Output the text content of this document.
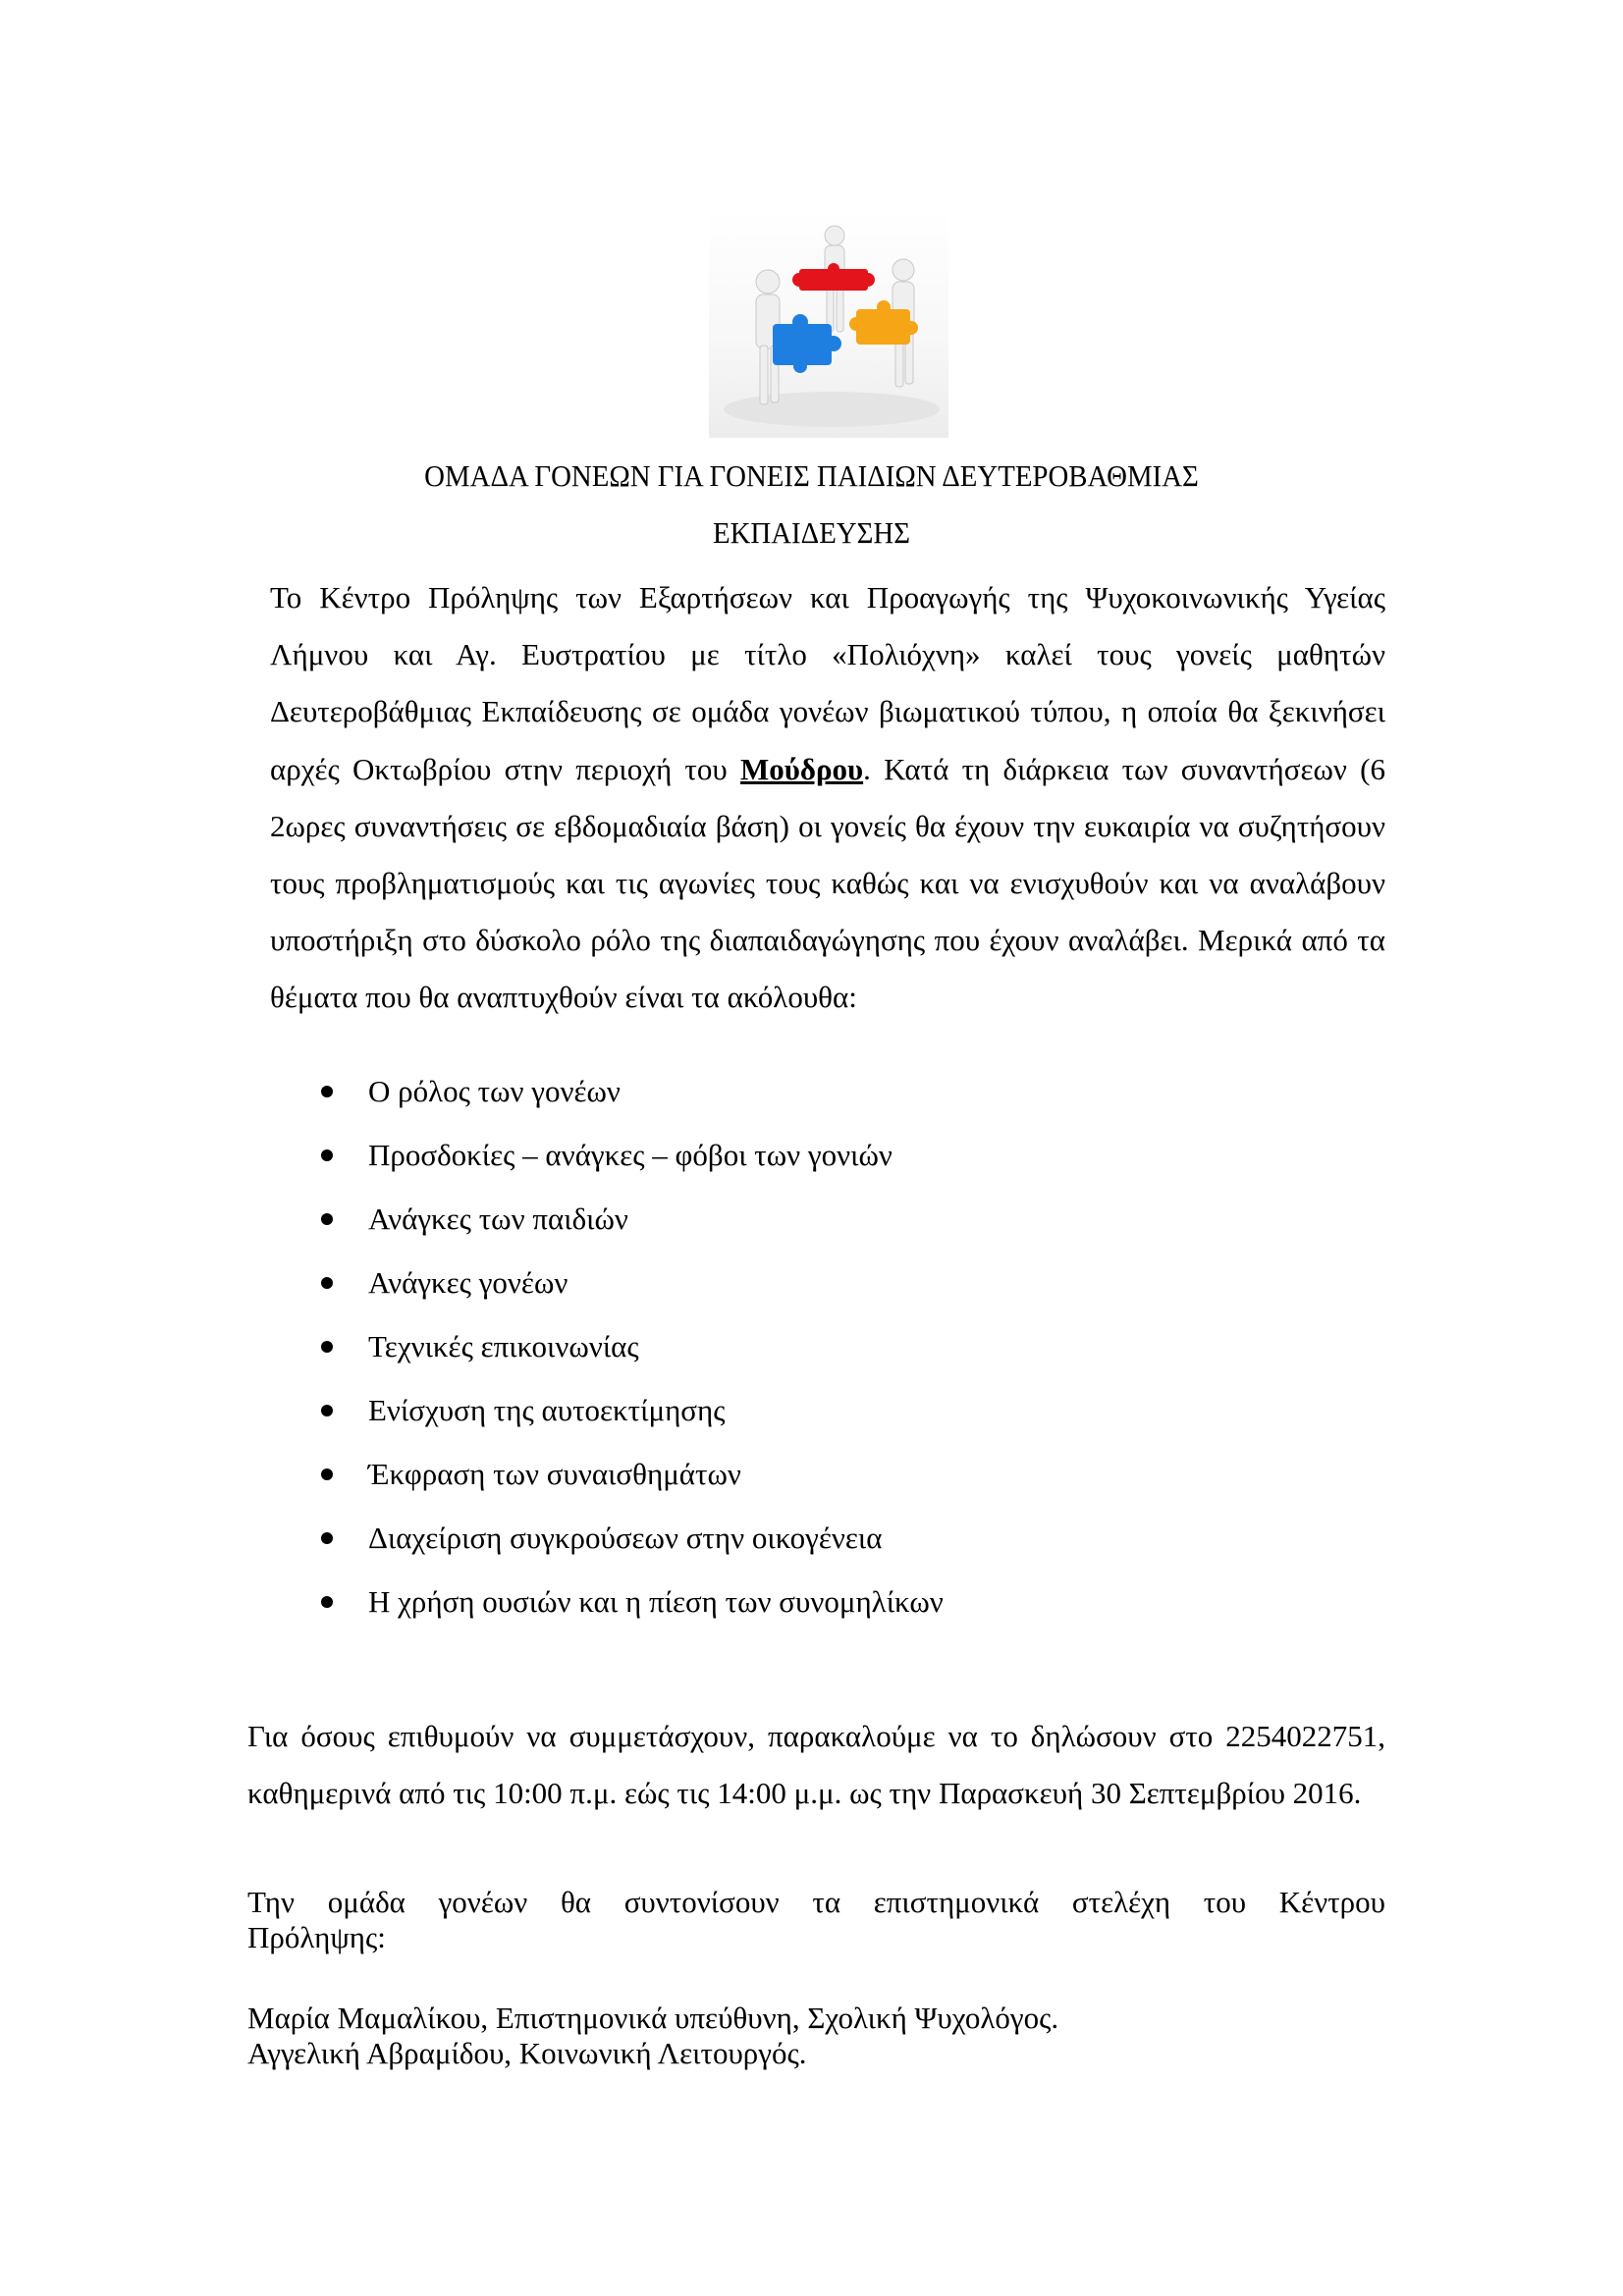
ΟΜΑΔΑ ΓΟΝΕΩΝ ΓΙΑ ΓΟΝΕΙΣ ΠΑΙΔΙΩΝ ΔΕΥΤΕΡΟΒΑΘΜΙΑΣ
ΕΚΠΑΙΔΕΥΣΗΣ

Το Κέντρο Πρόληψης των Εξαρτήσεων και Προαγωγής της Ψυχοκοινωνικής Υγείας Λήμνου και Αγ. Ευστρατίου με τίτλο «Πολιόχνη» καλεί τους γονείς μαθητών Δευτεροβάθμιας Εκπαίδευσης σε ομάδα γονέων βιωματικού τύπου, η οποία θα ξεκινήσει αρχές Οκτωβρίου στην περιοχή του Μούδρου. Κατά τη διάρκεια των συναντήσεων (6 2ωρες συναντήσεις σε εβδομαδιαία βάση) οι γονείς θα έχουν την ευκαιρία να συζητήσουν τους προβληματισμούς και τις αγωνίες τους καθώς και να ενισχυθούν και να αναλάβουν υποστήριξη στο δύσκολο ρόλο της διαπαιδαγώγησης που έχουν αναλάβει. Μερικά από τα θέματα που θα αναπτυχθούν είναι τα ακόλουθα:

Ο ρόλος των γονέων
Προσδοκίες – ανάγκες – φόβοι των γονιών
Ανάγκες των παιδιών
Ανάγκες γονέων
Τεχνικές επικοινωνίας
Ενίσχυση της αυτοεκτίμησης
Έκφραση των συναισθημάτων
Διαχείριση συγκρούσεων στην οικογένεια
Η χρήση ουσιών και η πίεση των συνομηλίκων

Για όσους επιθυμούν να συμμετάσχουν, παρακαλούμε να το δηλώσουν στο 2254022751, καθημερινά από τις 10:00 π.μ. εώς τις 14:00 μ.μ. ως την Παρασκευή 30 Σεπτεμβρίου 2016.

Την ομάδα γονέων θα συντονίσουν τα επιστημονικά στελέχη του Κέντρου
Πρόληψης:
Μαρία Μαμαλίκου, Επιστημονικά υπεύθυνη, Σχολική Ψυχολόγος.
Αγγελική Αβραμίδου, Κοινωνική Λειτουργός.
